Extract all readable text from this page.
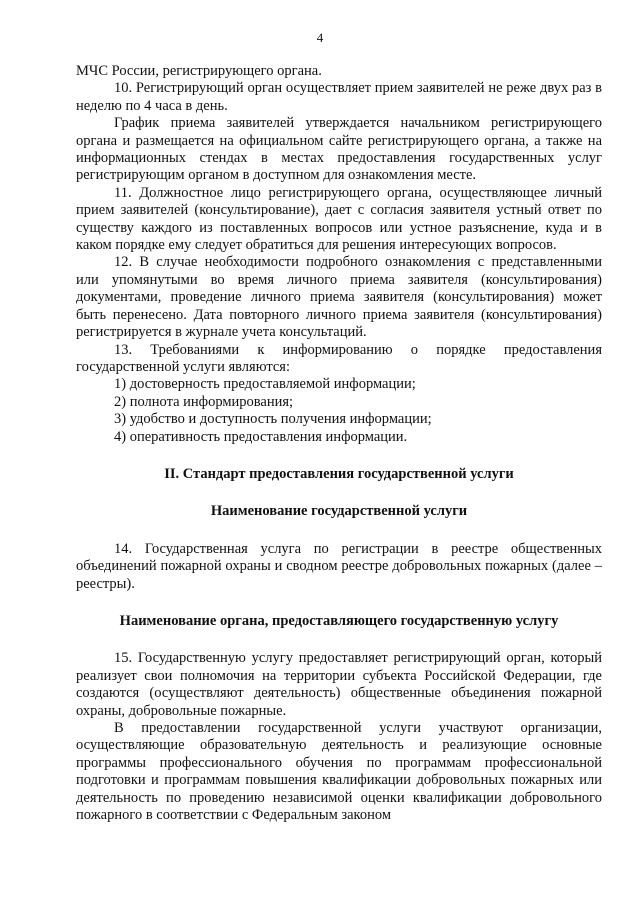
4

МЧС России, регистрирующего органа.

10. Регистрирующий орган осуществляет прием заявителей не реже двух раз в неделю по 4 часа в день.

График приема заявителей утверждается начальником регистрирующего органа и размещается на официальном сайте регистрирующего органа, а также на информационных стендах в местах предоставления государственных услуг регистрирующим органом в доступном для ознакомления месте.

11. Должностное лицо регистрирующего органа, осуществляющее личный прием заявителей (консультирование), дает с согласия заявителя устный ответ по существу каждого из поставленных вопросов или устное разъяснение, куда и в каком порядке ему следует обратиться для решения интересующих вопросов.

12. В случае необходимости подробного ознакомления с представленными или упомянутыми во время личного приема заявителя (консультирования) документами, проведение личного приема заявителя (консультирования) может быть перенесено. Дата повторного личного приема заявителя (консультирования) регистрируется в журнале учета консультаций.

13. Требованиями к информированию о порядке предоставления государственной услуги являются:

1) достоверность предоставляемой информации;

2) полнота информирования;

3) удобство и доступность получения информации;

4) оперативность предоставления информации.

II. Стандарт предоставления государственной услуги
Наименование государственной услуги

14. Государственная услуга по регистрации в реестре общественных объединений пожарной охраны и сводном реестре добровольных пожарных (далее – реестры).

Наименование органа, предоставляющего государственную услугу

15. Государственную услугу предоставляет регистрирующий орган, который реализует свои полномочия на территории субъекта Российской Федерации, где создаются (осуществляют деятельность) общественные объединения пожарной охраны, добровольные пожарные.

В предоставлении государственной услуги участвуют организации, осуществляющие образовательную деятельность и реализующие основные программы профессионального обучения по программам профессиональной подготовки и программам повышения квалификации добровольных пожарных или деятельность по проведению независимой оценки квалификации добровольного пожарного в соответствии с Федеральным законом
